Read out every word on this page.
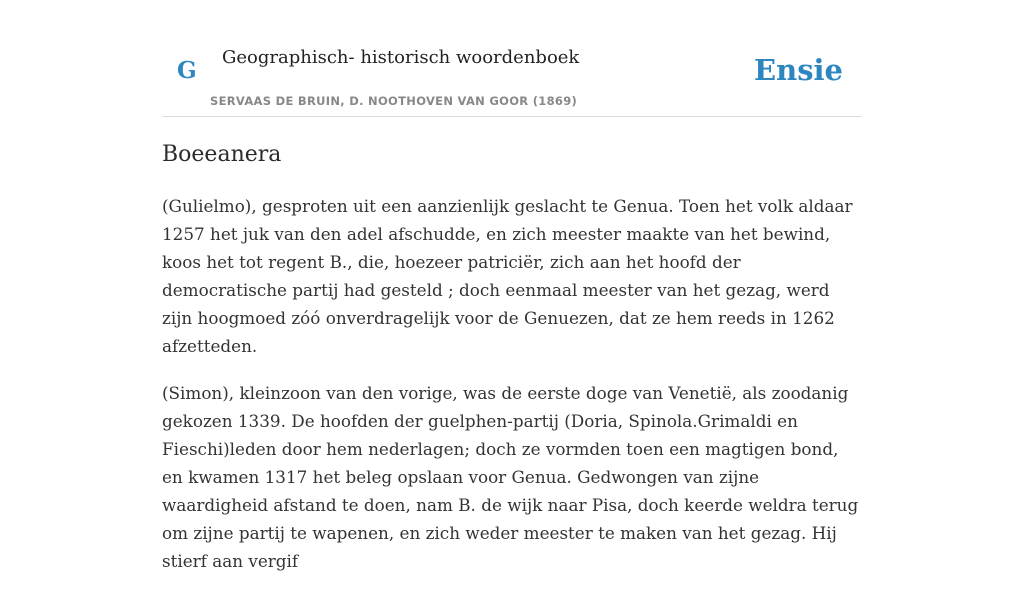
G Geographisch- historisch woordenboek
SERVAAS DE BRUIN, D. NOOTHOVEN VAN GOOR (1869)
Ensie
Boeeanera

(Gulielmo), gesproten uit een aanzienlijk geslacht te Genua. Toen het volk aldaar 1257 het juk van den adel afschudde, en zich meester maakte van het bewind, koos het tot regent B., die, hoezeer patriciër, zich aan het hoofd der democratische partij had gesteld ; doch eenmaal meester van het gezag, werd zijn hoogmoed zóó onverdragelijk voor de Genuezen, dat ze hem reeds in 1262 afzetteden.

(Simon), kleinzoon van den vorige, was de eerste doge van Venetië, als zoodanig gekozen 1339. De hoofden der guelphen-partij (Doria, Spinola.Grimaldi en Fieschi)leden door hem nederlagen; doch ze vormden toen een magtigen bond, en kwamen 1317 het beleg opslaan voor Genua. Gedwongen van zijne waardigheid afstand te doen, nam B. de wijk naar Pisa, doch keerde weldra terug om zijne partij te wapenen, en zich weder meester te maken van het gezag. Hij stierf aan vergif
